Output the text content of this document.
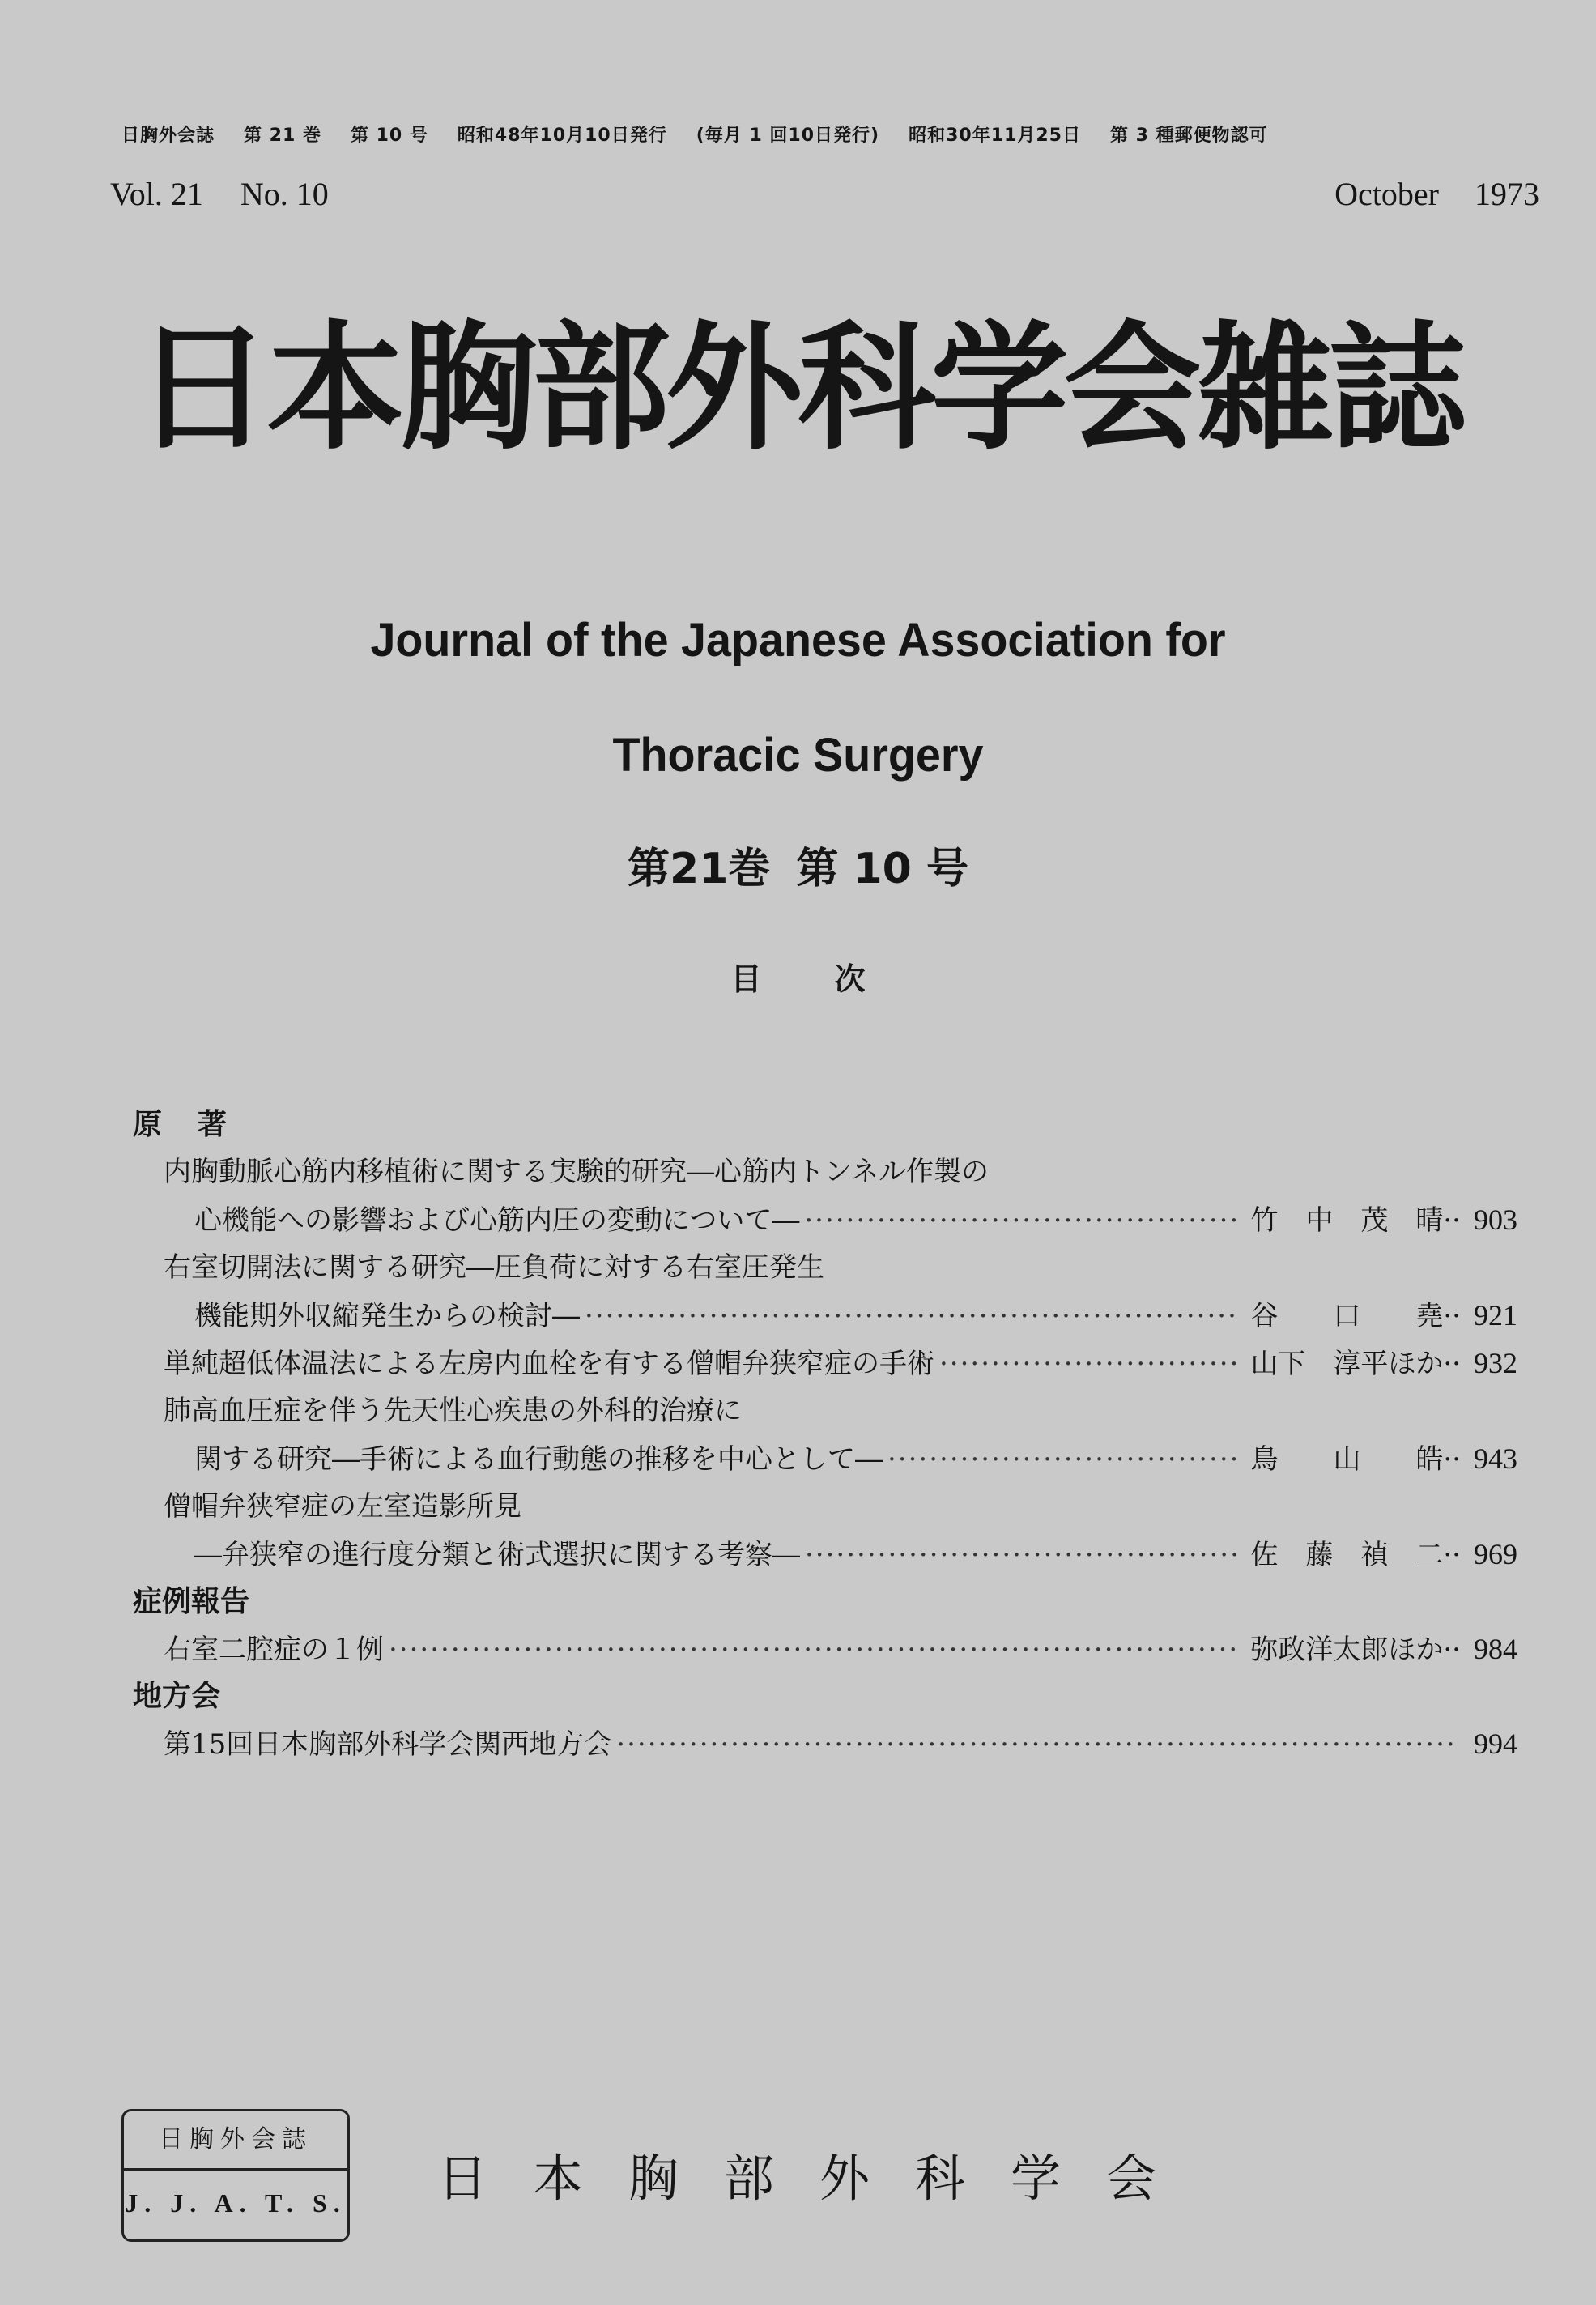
日胸外会誌 第 21 巻 第 10 号 昭和48年10月10日発行 (毎月 1 回10日発行) 昭和30年11月25日 第 3 種郵便物認可
Vol. 21 No. 10	October 1973
日本胸部外科学会雑誌
Journal of the Japanese Association for
Thoracic Surgery
第21巻 第 10 号
目次
原著
内胸動脈心筋内移植術に関する実験的研究―心筋内トンネル作製の
心機能への影響および心筋内圧の変動について― ·····	竹　中　茂　晴 ·· 903
右室切開法に関する研究―圧負荷に対する右室圧発生
機能期外収縮発生からの検討― ·····	谷　　口　　堯 ·· 921
単純超低体温法による左房内血栓を有する僧帽弁狭窄症の手術 ·····	山下　淳平ほか ·· 932
肺高血圧症を伴う先天性心疾患の外科的治療に
関する研究―手術による血行動態の推移を中心として― ·····	鳥　　山　　皓 ·· 943
僧帽弁狭窄症の左室造影所見
―弁狭窄の進行度分類と術式選択に関する考察― ·····	佐　藤　禎　二 ·· 969
症例報告
右室二腔症の１例 ·····	弥政洋太郎ほか ·· 984
地方会
第15回日本胸部外科学会関西地方会 ·····	994
日胸外会誌
J. J. A. T. S. 日本胸部外科学会
